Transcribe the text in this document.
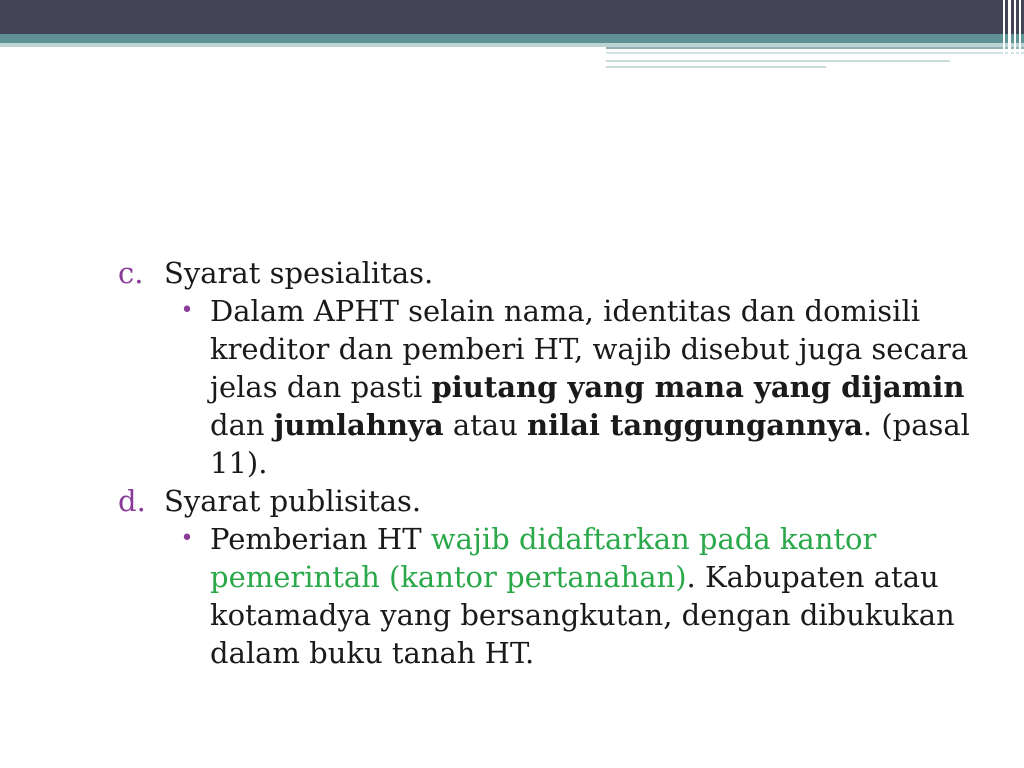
c. Syarat spesialitas.
• Dalam APHT selain nama, identitas dan domisili kreditor dan pemberi HT, wajib disebut juga secara jelas dan pasti piutang yang mana yang dijamin dan jumlahnya atau nilai tanggungannya. (pasal 11).
d. Syarat publisitas.
• Pemberian HT wajib didaftarkan pada kantor pemerintah (kantor pertanahan). Kabupaten atau kotamadya yang bersangkutan, dengan dibukukan dalam buku tanah HT.
